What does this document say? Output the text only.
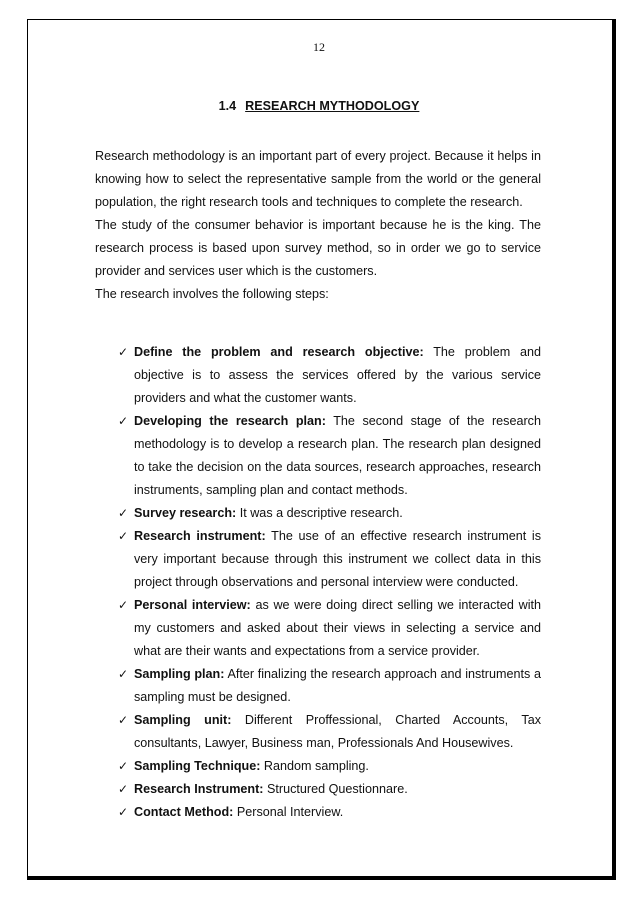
12
1.4 RESEARCH MYTHODOLOGY

Research methodology is an important part of every project. Because it helps in knowing how to select the representative sample from the world or the general population, the right research tools and techniques to complete the research.

The study of the consumer behavior is important because he is the king. The research process is based upon survey method, so in order we go to service provider and services user which is the customers.

The research involves the following steps:

✓ Define the problem and research objective: The problem and objective is to assess the services offered by the various service providers and what the customer wants.
✓ Developing the research plan: The second stage of the research methodology is to develop a research plan. The research plan designed to take the decision on the data sources, research approaches, research instruments, sampling plan and contact methods.
✓ Survey research: It was a descriptive research.
✓ Research instrument: The use of an effective research instrument is very important because through this instrument we collect data in this project through observations and personal interview were conducted.
✓ Personal interview: as we were doing direct selling we interacted with my customers and asked about their views in selecting a service and what are their wants and expectations from a service provider.
✓ Sampling plan: After finalizing the research approach and instruments a sampling must be designed.
✓ Sampling unit: Different Proffessional, Charted Accounts, Tax consultants, Lawyer, Business man, Professionals And Housewives.
✓ Sampling Technique: Random sampling.
✓ Research Instrument: Structured Questionnare.
✓ Contact Method: Personal Interview.
